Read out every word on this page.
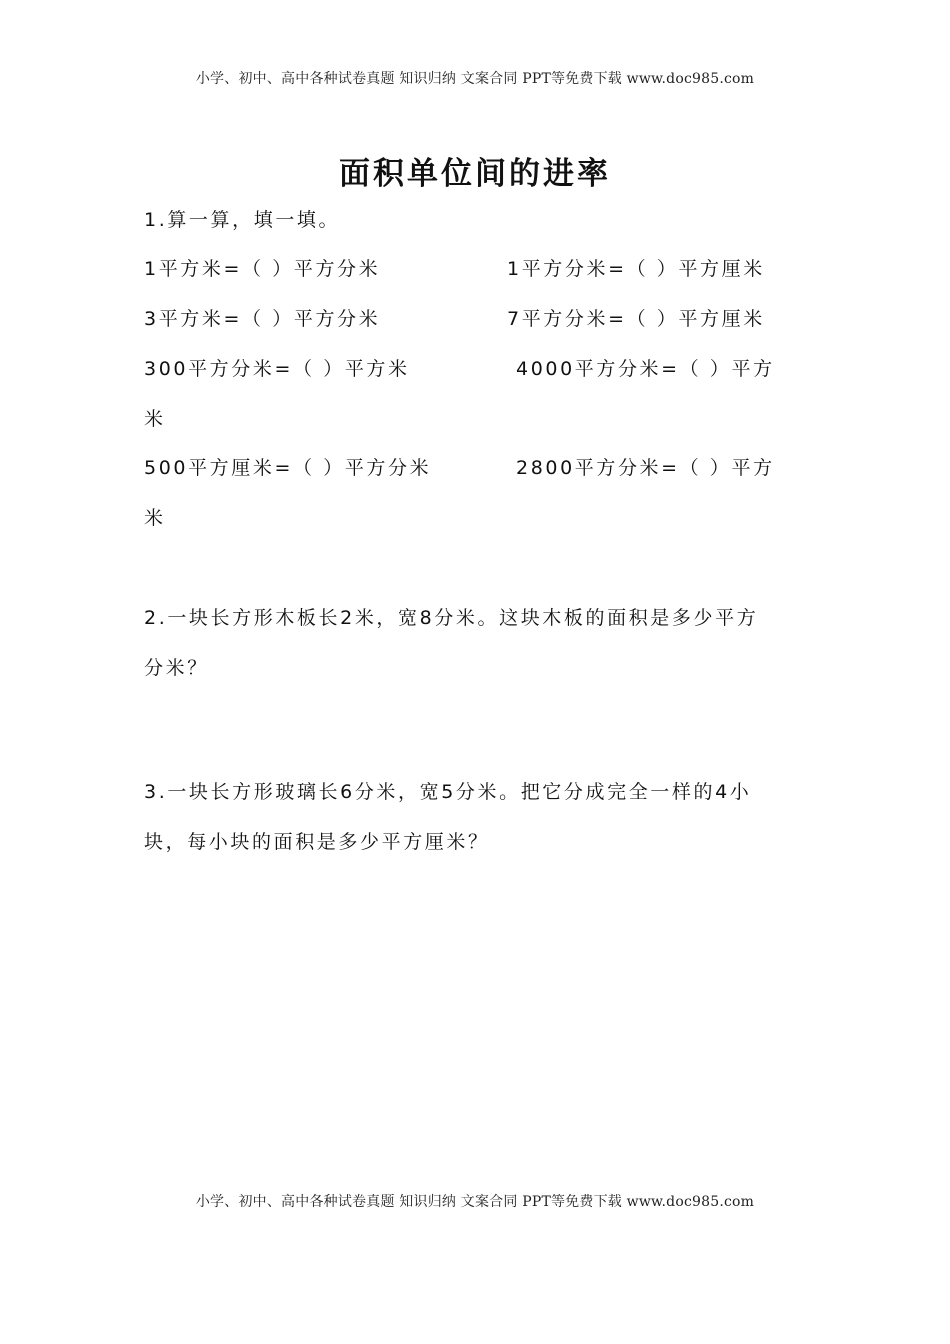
小学、初中、高中各种试卷真题 知识归纳 文案合同 PPT等免费下载 www.doc985.com
面积单位间的进率
1.算一算，填一填。
1平方米=（ ）平方分米	1平方分米=（ ）平方厘米
3平方米=（ ）平方分米	7平方分米=（ ）平方厘米
300平方分米=（ ）平方米	4000平方分米=（ ）平方
米
500平方厘米=（ ）平方分米	2800平方分米=（ ）平方
米
2.一块长方形木板长2米，宽8分米。这块木板的面积是多少平方
分米？
3.一块长方形玻璃长6分米，宽5分米。把它分成完全一样的4小
块，每小块的面积是多少平方厘米？
小学、初中、高中各种试卷真题 知识归纳 文案合同 PPT等免费下载 www.doc985.com
